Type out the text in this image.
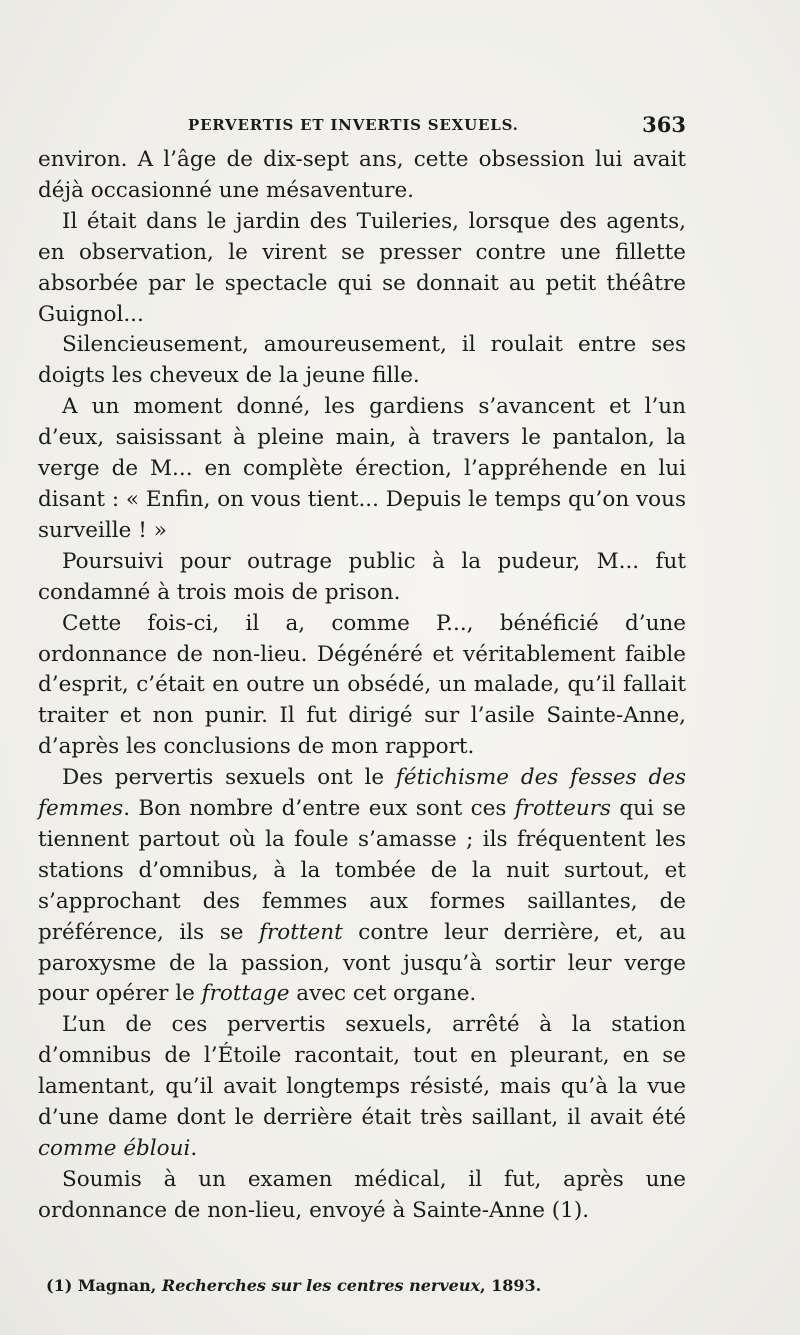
PERVERTIS ET INVERTIS SEXUELS.	363

environ. A l’âge de dix-sept ans, cette obsession lui avait déjà occasionné une mésaventure.

Il était dans le jardin des Tuileries, lorsque des agents, en observation, le virent se presser contre une fillette absorbée par le spectacle qui se donnait au petit théâtre Guignol...

Silencieusement, amoureusement, il roulait entre ses doigts les cheveux de la jeune fille.

A un moment donné, les gardiens s’avancent et l’un d’eux, saisissant à pleine main, à travers le pantalon, la verge de M... en complète érection, l’appréhende en lui disant : « Enfin, on vous tient... Depuis le temps qu’on vous surveille ! »

Poursuivi pour outrage public à la pudeur, M... fut condamné à trois mois de prison.

Cette fois-ci, il a, comme P..., bénéficié d’une ordonnance de non-lieu. Dégénéré et véritablement faible d’esprit, c’était en outre un obsédé, un malade, qu’il fallait traiter et non punir. Il fut dirigé sur l’asile Sainte-Anne, d’après les conclusions de mon rapport.

Des pervertis sexuels ont le fétichisme des fesses des femmes. Bon nombre d’entre eux sont ces frotteurs qui se tiennent partout où la foule s’amasse ; ils fréquentent les stations d’omnibus, à la tombée de la nuit surtout, et s’approchant des femmes aux formes saillantes, de préférence, ils se frottent contre leur derrière, et, au paroxysme de la passion, vont jusqu’à sortir leur verge pour opérer le frottage avec cet organe.

L’un de ces pervertis sexuels, arrêté à la station d’omnibus de l’Étoile racontait, tout en pleurant, en se lamentant, qu’il avait longtemps résisté, mais qu’à la vue d’une dame dont le derrière était très saillant, il avait été comme ébloui.

Soumis à un examen médical, il fut, après une ordonnance de non-lieu, envoyé à Sainte-Anne (1).

(1) Magnan, Recherches sur les centres nerveux, 1893.
